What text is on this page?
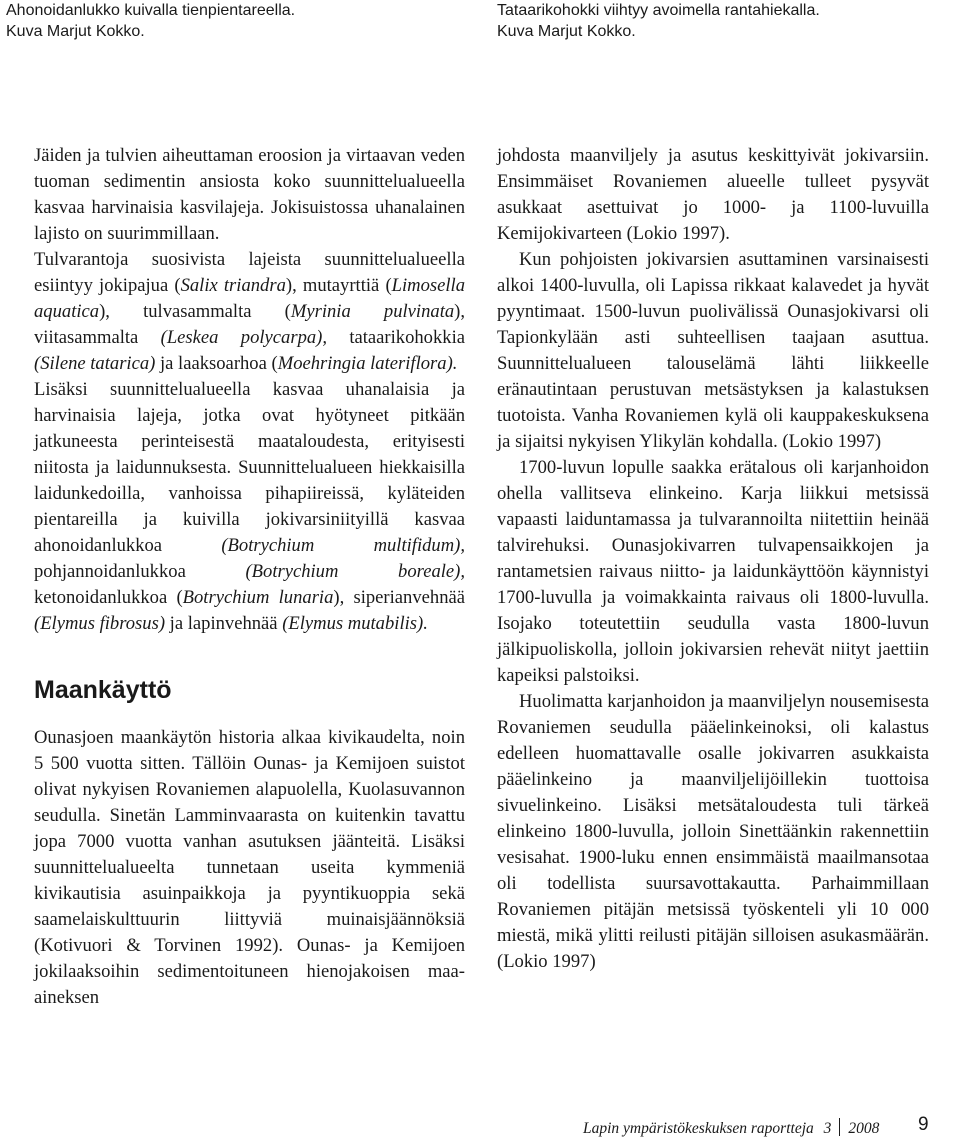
Ahonoidanlukko kuivalla tienpientareella.
Kuva Marjut Kokko.
Tataarikohokki viihtyy avoimella rantahiekalla.
Kuva Marjut Kokko.

Jäiden ja tulvien aiheuttaman eroosion ja virtaavan veden tuoman sedimentin ansiosta koko suunnittelualueella kasvaa harvinaisia kasvilajeja. Jokisuistossa uhanalainen lajisto on suurimmillaan.

Tulvarantoja suosivista lajeista suunnittelualueella esiintyy jokipajua (Salix triandra), mutayrttiä (Limosella aquatica), tulvasammalta (Myrinia pulvinata), viitasammalta (Leskea polycarpa), tataarikohokkia (Silene tatarica) ja laaksoarhoa (Moehringia lateriflora).

Lisäksi suunnittelualueella kasvaa uhanalaisia ja harvinaisia lajeja, jotka ovat hyötyneet pitkään jatkuneesta perinteisestä maataloudesta, erityisesti niitosta ja laidunnuksesta. Suunnittelualueen hiekkaisilla laidunkedoilla, vanhoissa pihapiireissä, kyläteiden pientareilla ja kuivilla jokivarsiniityillä kasvaa ahonoidanlukkoa (Botrychium multifidum), pohjannoidanlukkoa (Botrychium boreale), ketonoidanlukkoa (Botrychium lunaria), siperianvehnää (Elymus fibrosus) ja lapinvehnää (Elymus mutabilis).

Maankäyttö

Ounasjoen maankäytön historia alkaa kivikaudelta, noin 5 500 vuotta sitten. Tällöin Ounas- ja Kemijoen suistot olivat nykyisen Rovaniemen alapuolella, Kuolasuvannon seudulla. Sinetän Lamminvaarasta on kuitenkin tavattu jopa 7000 vuotta vanhan asutuksen jäänteitä. Lisäksi suunnittelualueelta tunnetaan useita kymmeniä kivikautisia asuinpaikkoja ja pyyntikuoppia sekä saamelaiskulttuurin liittyviä muinaisjäännöksiä (Kotivuori & Torvinen 1992). Ounas- ja Kemijoen jokilaaksoihin sedimentoituneen hienojakoisen maa-aineksen

johdosta maanviljely ja asutus keskittyivät jokivarsiin. Ensimmäiset Rovaniemen alueelle tulleet pysyvät asukkaat asettuivat jo 1000- ja 1100-luvuilla Kemijokivarteen (Lokio 1997).

Kun pohjoisten jokivarsien asuttaminen varsinaisesti alkoi 1400-luvulla, oli Lapissa rikkaat kalavedet ja hyvät pyyntimaat. 1500-luvun puolivälissä Ounasjokivarsi oli Tapionkylään asti suhteellisen taajaan asuttua. Suunnittelualueen talouselämä lähti liikkeelle eränautintaan perustuvan metsästyksen ja kalastuksen tuotoista. Vanha Rovaniemen kylä oli kauppakeskuksena ja sijaitsi nykyisen Ylikylän kohdalla. (Lokio 1997)

1700-luvun lopulle saakka erätalous oli karjanhoidon ohella vallitseva elinkeino. Karja liikkui metsissä vapaasti laiduntamassa ja tulvarannoilta niitettiin heinää talvirehuksi. Ounasjokivarren tulvapensaikkojen ja rantametsien raivaus niitto- ja laidunkäyttöön käynnistyi 1700-luvulla ja voimakkainta raivaus oli 1800-luvulla. Isojako toteutettiin seudulla vasta 1800-luvun jälkipuoliskolla, jolloin jokivarsien rehevät niityt jaettiin kapeiksi palstoiksi.

Huolimatta karjanhoidon ja maanviljelyn nousemisesta Rovaniemen seudulla pääelinkeinoksi, oli kalastus edelleen huomattavalle osalle jokivarren asukkaista pääelinkeino ja maanviljelijöillekin tuottoisa sivuelinkeino. Lisäksi metsätaloudesta tuli tärkeä elinkeino 1800-luvulla, jolloin Sinettäänkin rakennettiin vesisahat. 1900-luku ennen ensimmäistä maailmansotaa oli todellista suursavottakautta. Parhaimmillaan Rovaniemen pitäjän metsissä työskenteli yli 10 000 miestä, mikä ylitti reilusti pitäjän silloisen asukasmäärän. (Lokio 1997)

Lapin ympäristökeskuksen raportteja 3 2008 9
